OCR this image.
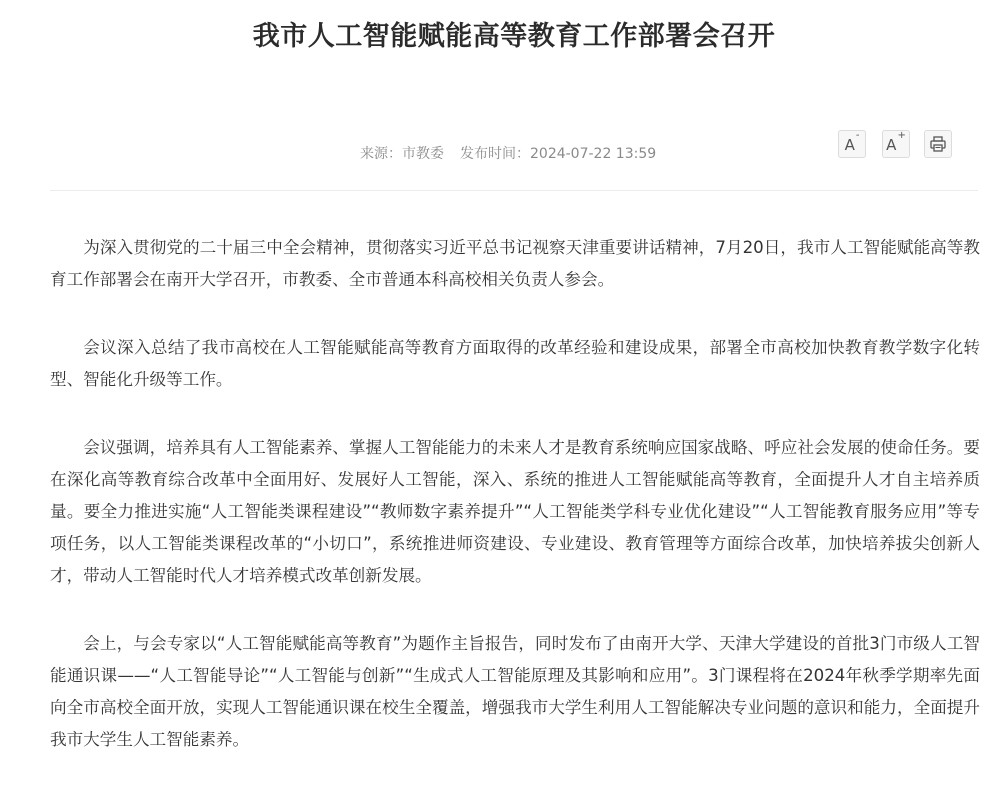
我市人工智能赋能高等教育工作部署会召开
来源：市教委 发布时间：2024-07-22 13:59
A- A+

为深入贯彻党的二十届三中全会精神，贯彻落实习近平总书记视察天津重要讲话精神，7月20日，我市人工智能赋能高等教育工作部署会在南开大学召开，市教委、全市普通本科高校相关负责人参会。

会议深入总结了我市高校在人工智能赋能高等教育方面取得的改革经验和建设成果，部署全市高校加快教育教学数字化转型、智能化升级等工作。

会议强调，培养具有人工智能素养、掌握人工智能能力的未来人才是教育系统响应国家战略、呼应社会发展的使命任务。要在深化高等教育综合改革中全面用好、发展好人工智能，深入、系统的推进人工智能赋能高等教育，全面提升人才自主培养质量。要全力推进实施“人工智能类课程建设”“教师数字素养提升”“人工智能类学科专业优化建设”“人工智能教育服务应用”等专项任务，以人工智能类课程改革的“小切口”，系统推进师资建设、专业建设、教育管理等方面综合改革，加快培养拔尖创新人才，带动人工智能时代人才培养模式改革创新发展。

会上，与会专家以“人工智能赋能高等教育”为题作主旨报告，同时发布了由南开大学、天津大学建设的首批3门市级人工智能通识课——“人工智能导论”“人工智能与创新”“生成式人工智能原理及其影响和应用”。3门课程将在2024年秋季学期率先面向全市高校全面开放，实现人工智能通识课在校生全覆盖，增强我市大学生利用人工智能解决专业问题的意识和能力，全面提升我市大学生人工智能素养。
